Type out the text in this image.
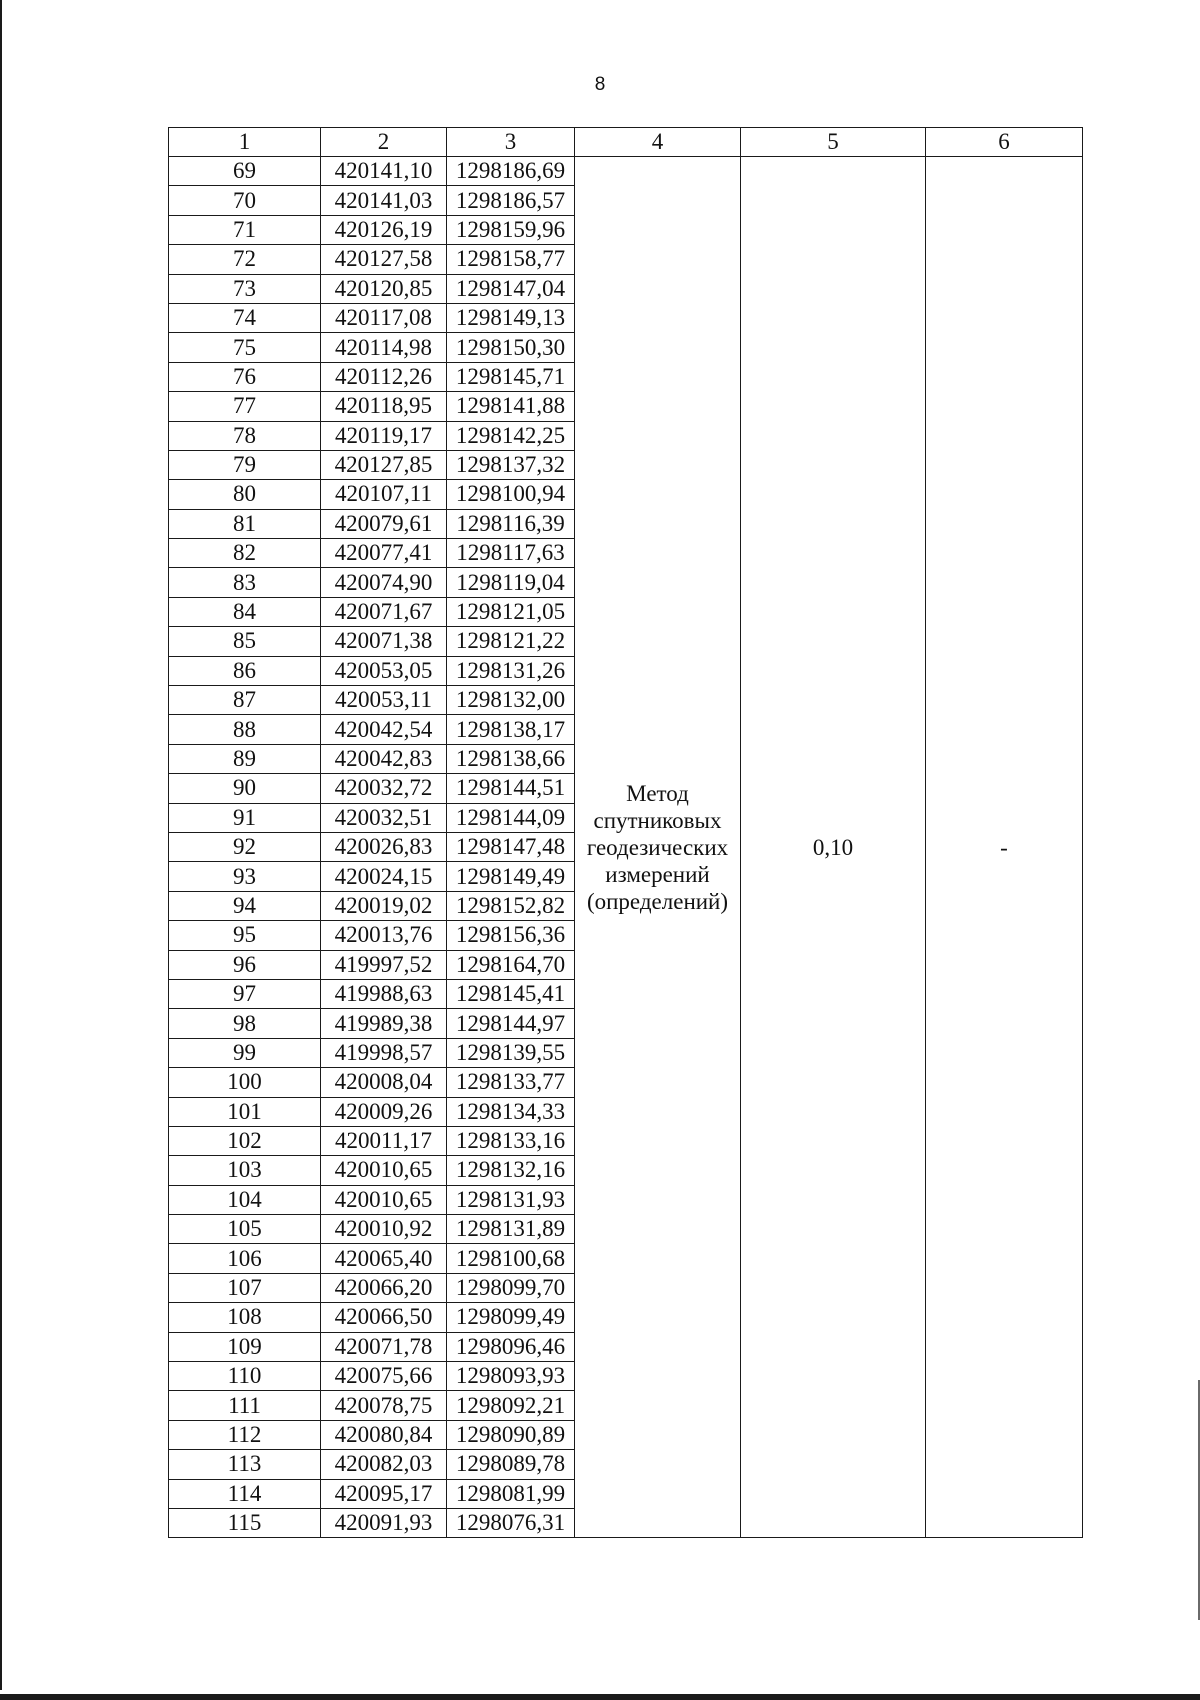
8
1	2	3	4	5	6
69	420141,10	1298186,69	Метод
спутниковых
геодезических
измерений
(определений)	0,10	-
70	420141,03	1298186,57			
71	420126,19	1298159,96			
72	420127,58	1298158,77			
73	420120,85	1298147,04			
74	420117,08	1298149,13			
75	420114,98	1298150,30			
76	420112,26	1298145,71			
77	420118,95	1298141,88			
78	420119,17	1298142,25			
79	420127,85	1298137,32			
80	420107,11	1298100,94			
81	420079,61	1298116,39			
82	420077,41	1298117,63			
83	420074,90	1298119,04			
84	420071,67	1298121,05			
85	420071,38	1298121,22			
86	420053,05	1298131,26			
87	420053,11	1298132,00			
88	420042,54	1298138,17			
89	420042,83	1298138,66			
90	420032,72	1298144,51			
91	420032,51	1298144,09			
92	420026,83	1298147,48			
93	420024,15	1298149,49			
94	420019,02	1298152,82			
95	420013,76	1298156,36			
96	419997,52	1298164,70			
97	419988,63	1298145,41			
98	419989,38	1298144,97			
99	419998,57	1298139,55			
100	420008,04	1298133,77			
101	420009,26	1298134,33			
102	420011,17	1298133,16			
103	420010,65	1298132,16			
104	420010,65	1298131,93			
105	420010,92	1298131,89			
106	420065,40	1298100,68			
107	420066,20	1298099,70			
108	420066,50	1298099,49			
109	420071,78	1298096,46			
110	420075,66	1298093,93			
111	420078,75	1298092,21			
112	420080,84	1298090,89			
113	420082,03	1298089,78			
114	420095,17	1298081,99			
115	420091,93	1298076,31			
